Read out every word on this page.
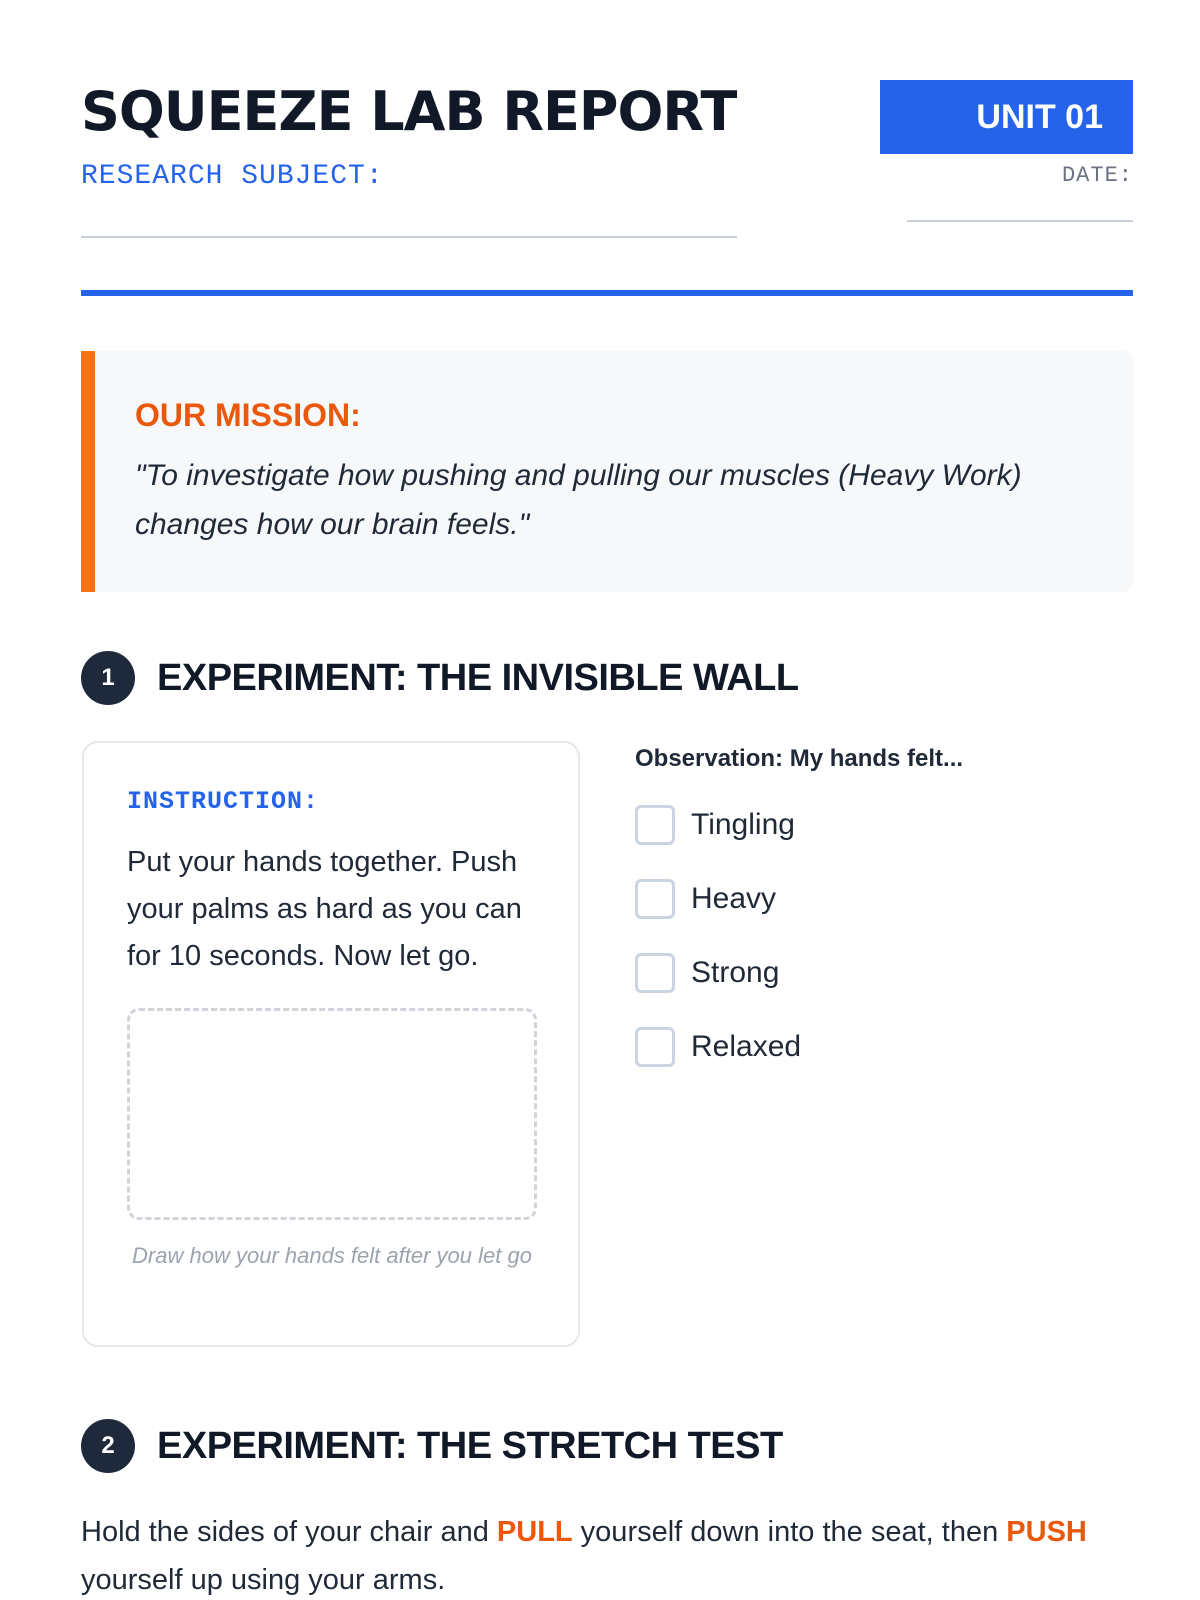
SQUEEZE LAB REPORT
RESEARCH SUBJECT:
UNIT 01
DATE:
OUR MISSION:
"To investigate how pushing and pulling our muscles (Heavy Work) changes how our brain feels."
1	EXPERIMENT: THE INVISIBLE WALL
INSTRUCTION:
Put your hands together. Push your palms as hard as you can for 10 seconds. Now let go.
Draw how your hands felt after you let go
Observation: My hands felt...
Tingling
Heavy
Strong
Relaxed
2	EXPERIMENT: THE STRETCH TEST
Hold the sides of your chair and PULL yourself down into the seat, then PUSH yourself up using your arms.
